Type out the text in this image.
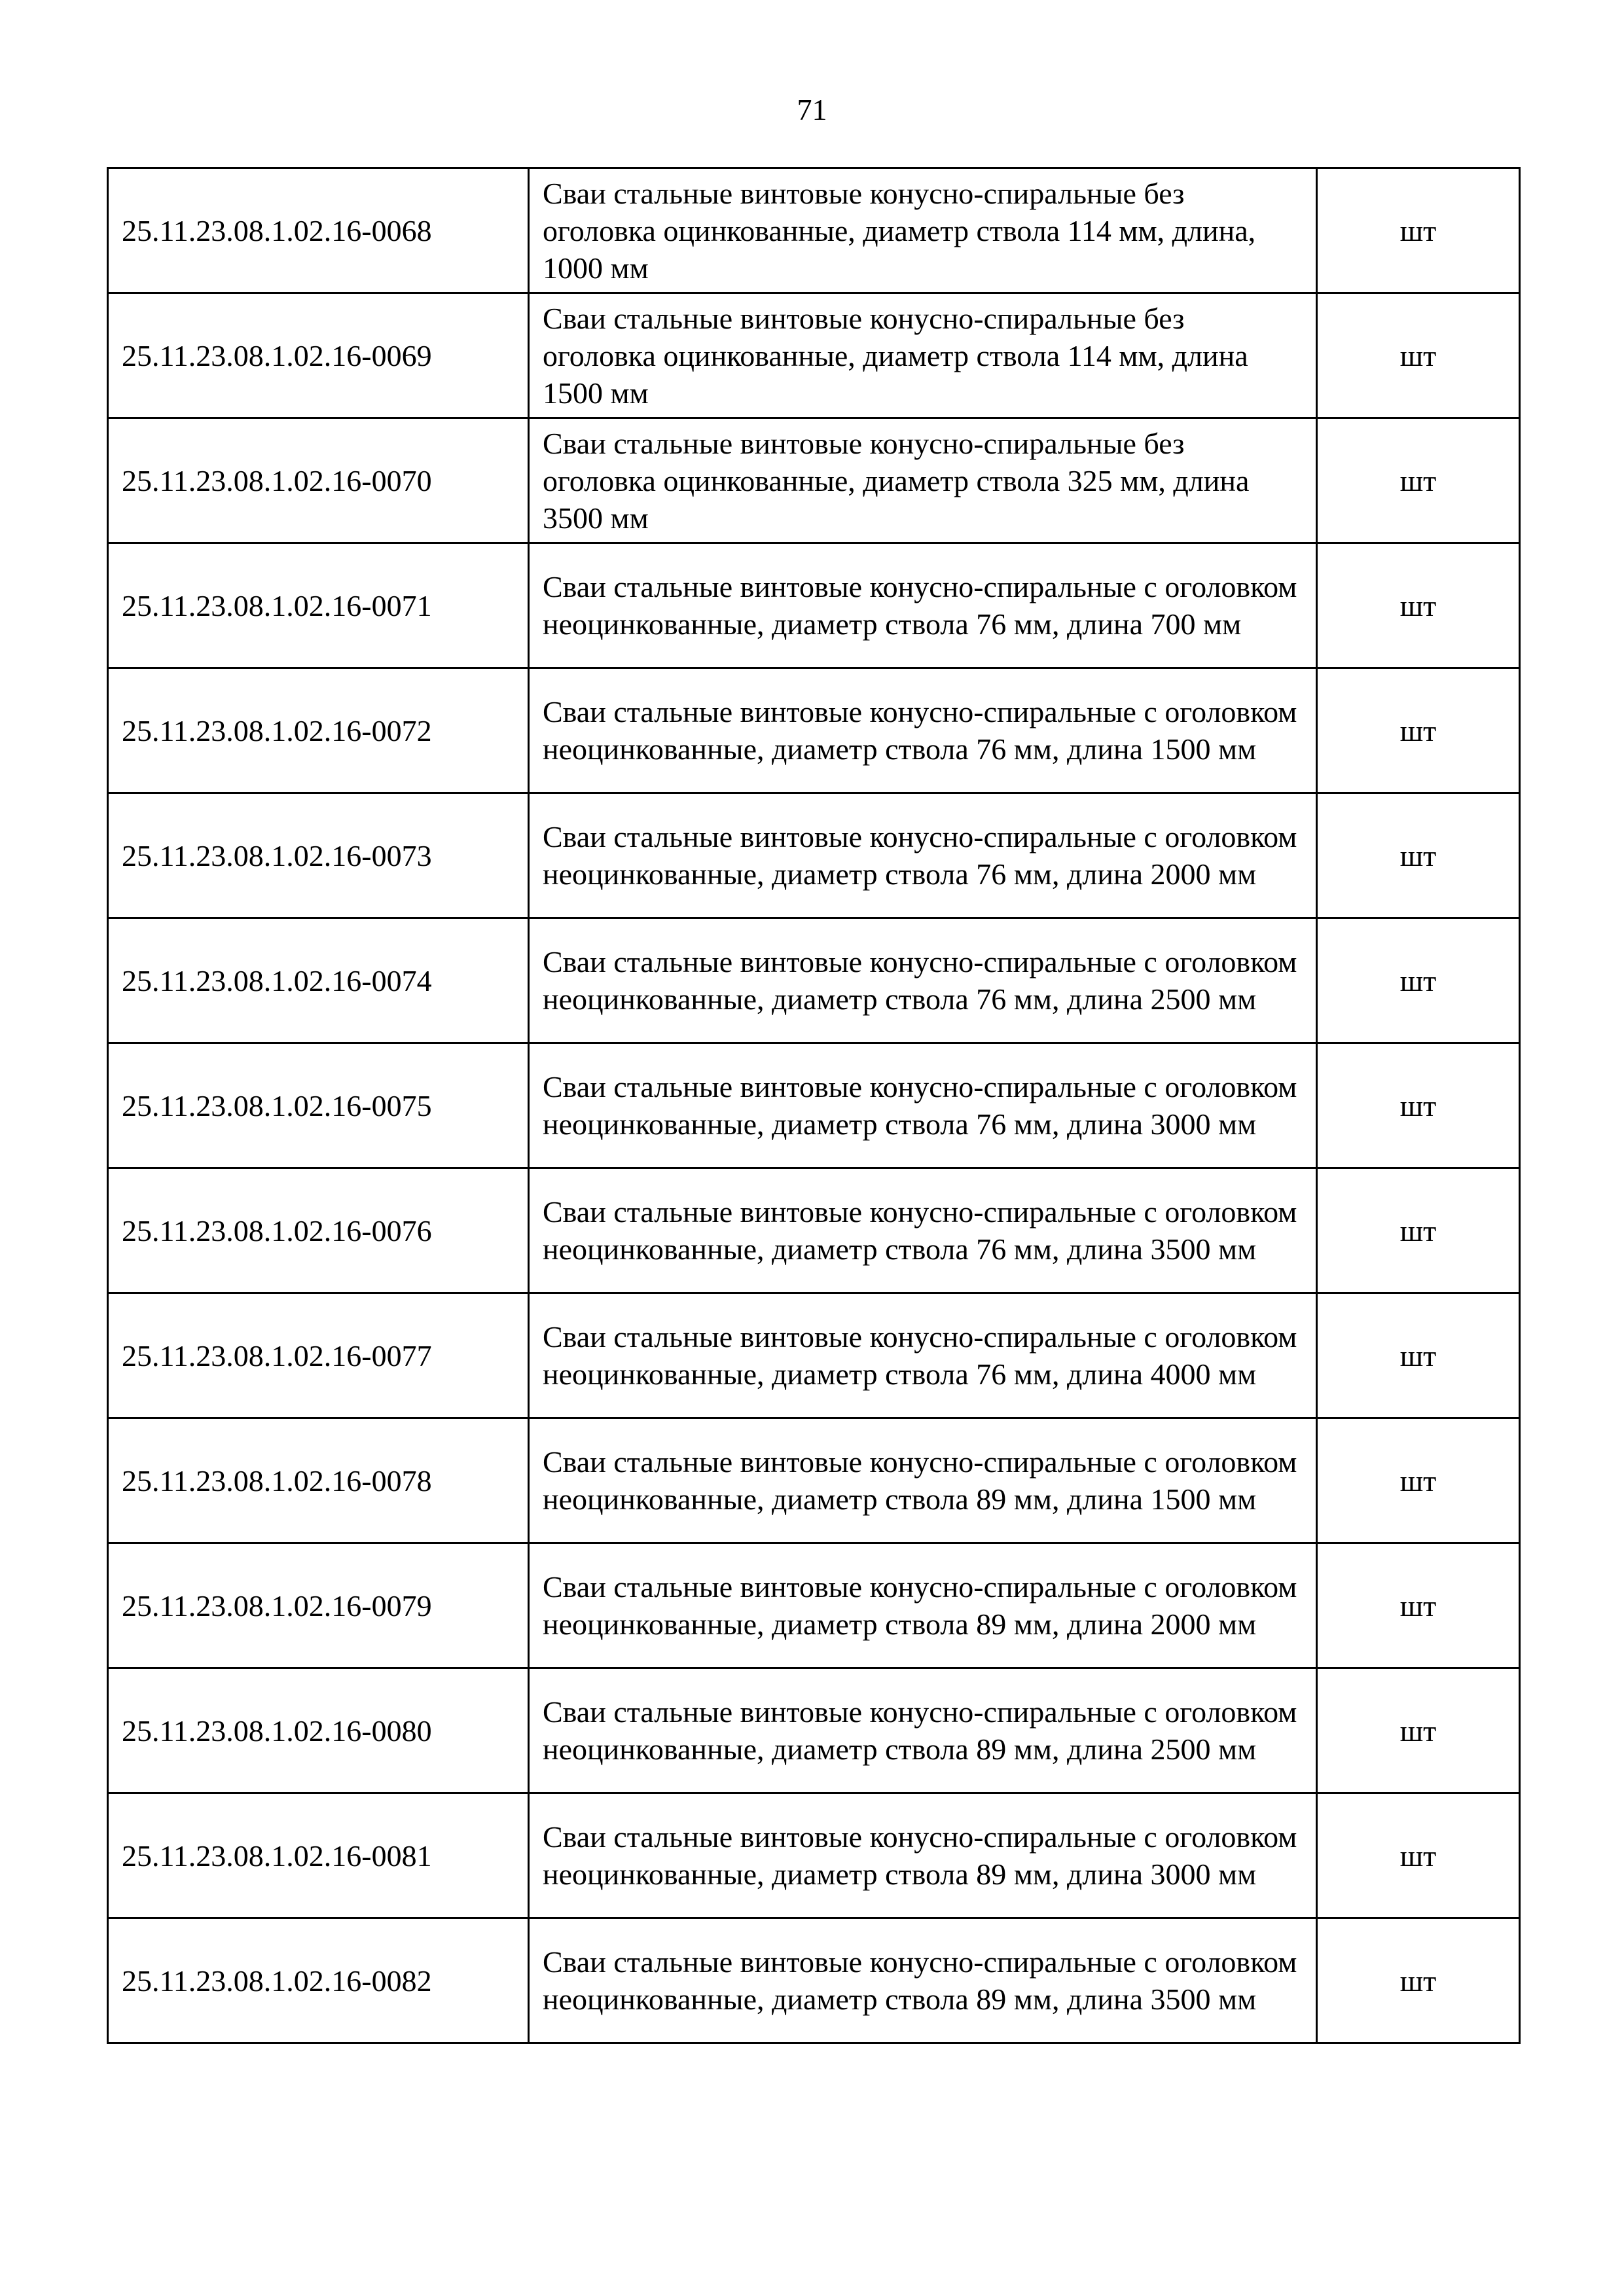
71
25.11.23.08.1.02.16-0068	Сваи стальные винтовые конусно-спиральные без оголовка оцинкованные, диаметр ствола 114 мм, длина, 1000 мм	шт
25.11.23.08.1.02.16-0069	Сваи стальные винтовые конусно-спиральные без оголовка оцинкованные, диаметр ствола 114 мм, длина 1500 мм	шт
25.11.23.08.1.02.16-0070	Сваи стальные винтовые конусно-спиральные без оголовка оцинкованные, диаметр ствола 325 мм, длина 3500 мм	шт
25.11.23.08.1.02.16-0071	Сваи стальные винтовые конусно-спиральные с оголовком неоцинкованные, диаметр ствола 76 мм, длина 700 мм	шт
25.11.23.08.1.02.16-0072	Сваи стальные винтовые конусно-спиральные с оголовком неоцинкованные, диаметр ствола 76 мм, длина 1500 мм	шт
25.11.23.08.1.02.16-0073	Сваи стальные винтовые конусно-спиральные с оголовком неоцинкованные, диаметр ствола 76 мм, длина 2000 мм	шт
25.11.23.08.1.02.16-0074	Сваи стальные винтовые конусно-спиральные с оголовком неоцинкованные, диаметр ствола 76 мм, длина 2500 мм	шт
25.11.23.08.1.02.16-0075	Сваи стальные винтовые конусно-спиральные с оголовком неоцинкованные, диаметр ствола 76 мм, длина 3000 мм	шт
25.11.23.08.1.02.16-0076	Сваи стальные винтовые конусно-спиральные с оголовком неоцинкованные, диаметр ствола 76 мм, длина 3500 мм	шт
25.11.23.08.1.02.16-0077	Сваи стальные винтовые конусно-спиральные с оголовком неоцинкованные, диаметр ствола 76 мм, длина 4000 мм	шт
25.11.23.08.1.02.16-0078	Сваи стальные винтовые конусно-спиральные с оголовком неоцинкованные, диаметр ствола 89 мм, длина 1500 мм	шт
25.11.23.08.1.02.16-0079	Сваи стальные винтовые конусно-спиральные с оголовком неоцинкованные, диаметр ствола 89 мм, длина 2000 мм	шт
25.11.23.08.1.02.16-0080	Сваи стальные винтовые конусно-спиральные с оголовком неоцинкованные, диаметр ствола 89 мм, длина 2500 мм	шт
25.11.23.08.1.02.16-0081	Сваи стальные винтовые конусно-спиральные с оголовком неоцинкованные, диаметр ствола 89 мм, длина 3000 мм	шт
25.11.23.08.1.02.16-0082	Сваи стальные винтовые конусно-спиральные с оголовком неоцинкованные, диаметр ствола 89 мм, длина 3500 мм	шт
